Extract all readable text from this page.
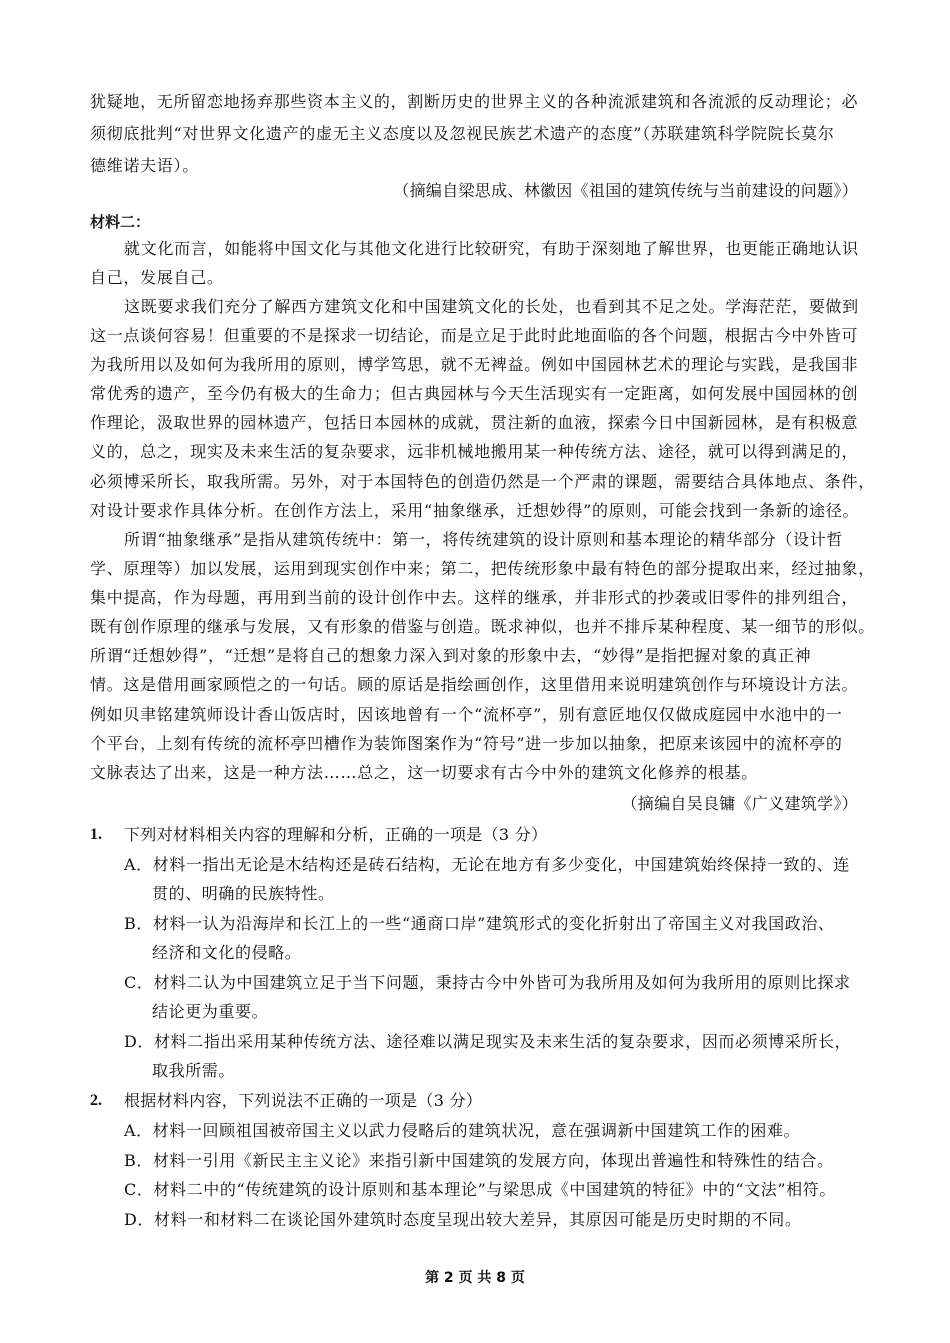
犹疑地，无所留恋地扬弃那些资本主义的，割断历史的世界主义的各种流派建筑和各流派的反动理论；必
须彻底批判“对世界文化遗产的虚无主义态度以及忽视民族艺术遗产的态度”（苏联建筑科学院院长莫尔
德维诺夫语）。
（摘编自梁思成、林徽因《祖国的建筑传统与当前建设的问题》）
材料二：
就文化而言，如能将中国文化与其他文化进行比较研究，有助于深刻地了解世界，也更能正确地认识
自己，发展自己。
这既要求我们充分了解西方建筑文化和中国建筑文化的长处，也看到其不足之处。学海茫茫，要做到
这一点谈何容易！但重要的不是探求一切结论，而是立足于此时此地面临的各个问题，根据古今中外皆可
为我所用以及如何为我所用的原则，博学笃思，就不无裨益。例如中国园林艺术的理论与实践，是我国非
常优秀的遗产，至今仍有极大的生命力；但古典园林与今天生活现实有一定距离，如何发展中国园林的创
作理论，汲取世界的园林遗产，包括日本园林的成就，贯注新的血液，探索今日中国新园林，是有积极意
义的，总之，现实及未来生活的复杂要求，远非机械地搬用某一种传统方法、途径，就可以得到满足的，
必须博采所长，取我所需。另外，对于本国特色的创造仍然是一个严肃的课题，需要结合具体地点、条件，
对设计要求作具体分析。在创作方法上，采用“抽象继承，迁想妙得”的原则，可能会找到一条新的途径。
所谓“抽象继承”是指从建筑传统中：第一，将传统建筑的设计原则和基本理论的精华部分（设计哲
学、原理等）加以发展，运用到现实创作中来；第二，把传统形象中最有特色的部分提取出来，经过抽象，
集中提高，作为母题，再用到当前的设计创作中去。这样的继承，并非形式的抄袭或旧零件的排列组合，
既有创作原理的继承与发展，又有形象的借鉴与创造。既求神似，也并不排斥某种程度、某一细节的形似。
所谓“迁想妙得”，“迁想”是将自己的想象力深入到对象的形象中去，“妙得”是指把握对象的真正神
情。这是借用画家顾恺之的一句话。顾的原话是指绘画创作，这里借用来说明建筑创作与环境设计方法。
例如贝聿铭建筑师设计香山饭店时，因该地曾有一个“流杯亭”，别有意匠地仅仅做成庭园中水池中的一
个平台，上刻有传统的流杯亭凹槽作为装饰图案作为“符号”进一步加以抽象，把原来该园中的流杯亭的
文脉表达了出来，这是一种方法……总之，这一切要求有古今中外的建筑文化修养的根基。
（摘编自吴良镛《广义建筑学》）
1. 下列对材料相关内容的理解和分析，正确的一项是（3 分）
A．材料一指出无论是木结构还是砖石结构，无论在地方有多少变化，中国建筑始终保持一致的、连
贯的、明确的民族特性。
B．材料一认为沿海岸和长江上的一些“通商口岸”建筑形式的变化折射出了帝国主义对我国政治、
经济和文化的侵略。
C．材料二认为中国建筑立足于当下问题，秉持古今中外皆可为我所用及如何为我所用的原则比探求
结论更为重要。
D．材料二指出采用某种传统方法、途径难以满足现实及未来生活的复杂要求，因而必须博采所长，
取我所需。
2. 根据材料内容，下列说法不正确的一项是（3 分）
A．材料一回顾祖国被帝国主义以武力侵略后的建筑状况，意在强调新中国建筑工作的困难。
B．材料一引用《新民主主义论》来指引新中国建筑的发展方向，体现出普遍性和特殊性的结合。
C．材料二中的“传统建筑的设计原则和基本理论”与梁思成《中国建筑的特征》中的“文法”相符。
D．材料一和材料二在谈论国外建筑时态度呈现出较大差异，其原因可能是历史时期的不同。
第 2 页 共 8 页
